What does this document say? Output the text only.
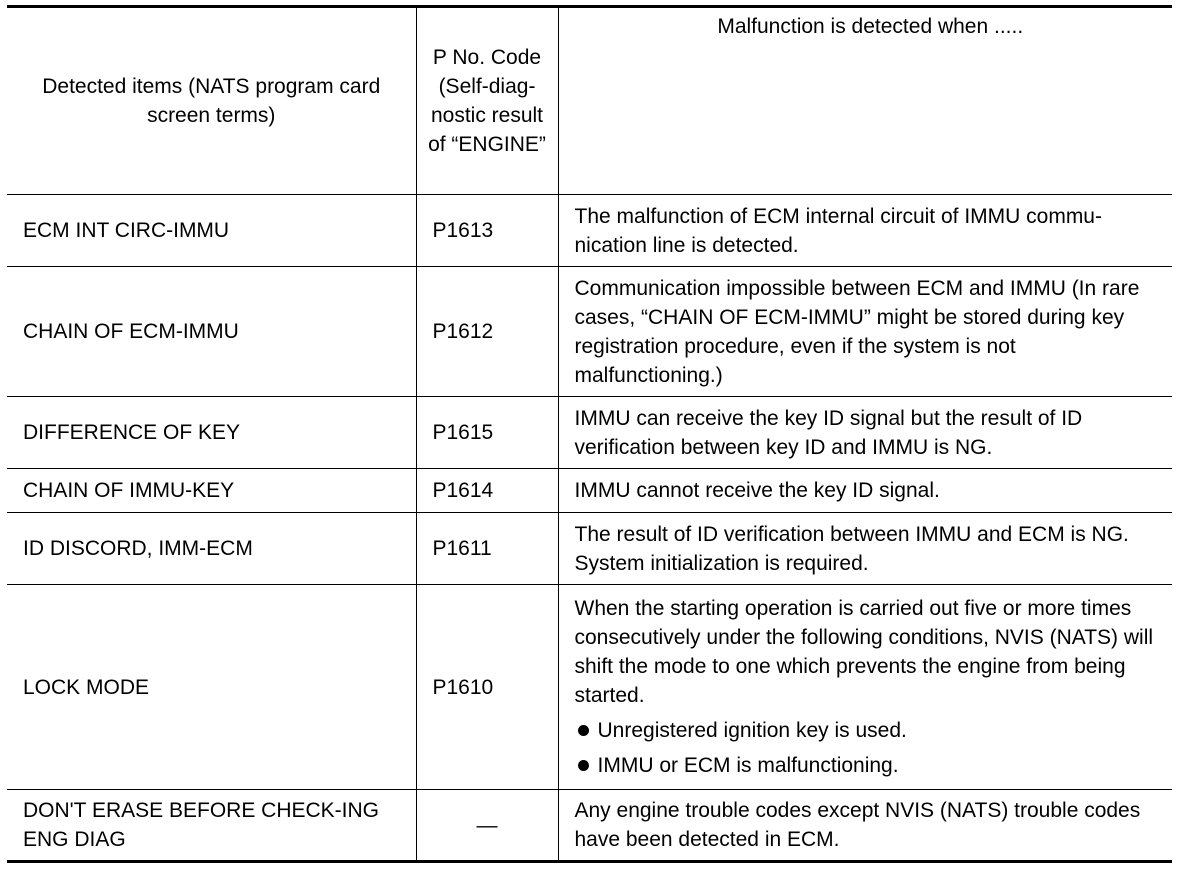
Detected items (NATS program card screen terms)	P No. Code (Self-diag-nostic result of “ENGINE”	Malfunction is detected when .....
ECM INT CIRC-IMMU	P1613	The malfunction of ECM internal circuit of IMMU commu-nication line is detected.
CHAIN OF ECM-IMMU	P1612	Communication impossible between ECM and IMMU (In rare cases, “CHAIN OF ECM-IMMU” might be stored during key registration procedure, even if the system is not malfunctioning.)
DIFFERENCE OF KEY	P1615	IMMU can receive the key ID signal but the result of ID verification between key ID and IMMU is NG.
CHAIN OF IMMU-KEY	P1614	IMMU cannot receive the key ID signal.
ID DISCORD, IMM-ECM	P1611	The result of ID verification between IMMU and ECM is NG. System initialization is required.
LOCK MODE	P1610	When the starting operation is carried out five or more times consecutively under the following conditions, NVIS (NATS) will shift the mode to one which prevents the engine from being started.
Unregistered ignition key is used.
IMMU or ECM is malfunctioning.

DON'T ERASE BEFORE CHECK-ING ENG DIAG	—	Any engine trouble codes except NVIS (NATS) trouble codes have been detected in ECM.
